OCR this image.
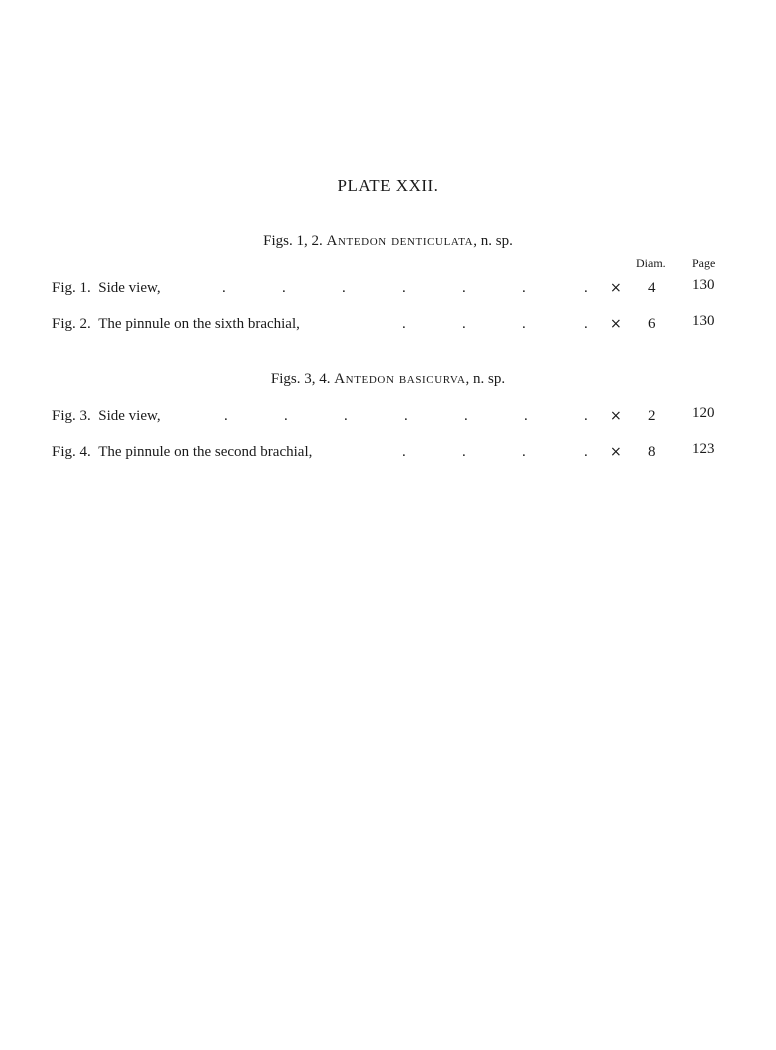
PLATE XXII.
Figs. 1, 2. Antedon denticulata, n. sp.
Diam. Page
Fig. 1. Side view,	.	.	.	.	.	.	. × 4 130
Fig. 2. The pinnule on the sixth brachial,	.	.	.	. × 6 130
Figs. 3, 4. Antedon basicurva, n. sp.
Fig. 3. Side view,	.	.	.	.	.	.	. × 2 120
Fig. 4. The pinnule on the second brachial,	.	.	.	. × 8 123
